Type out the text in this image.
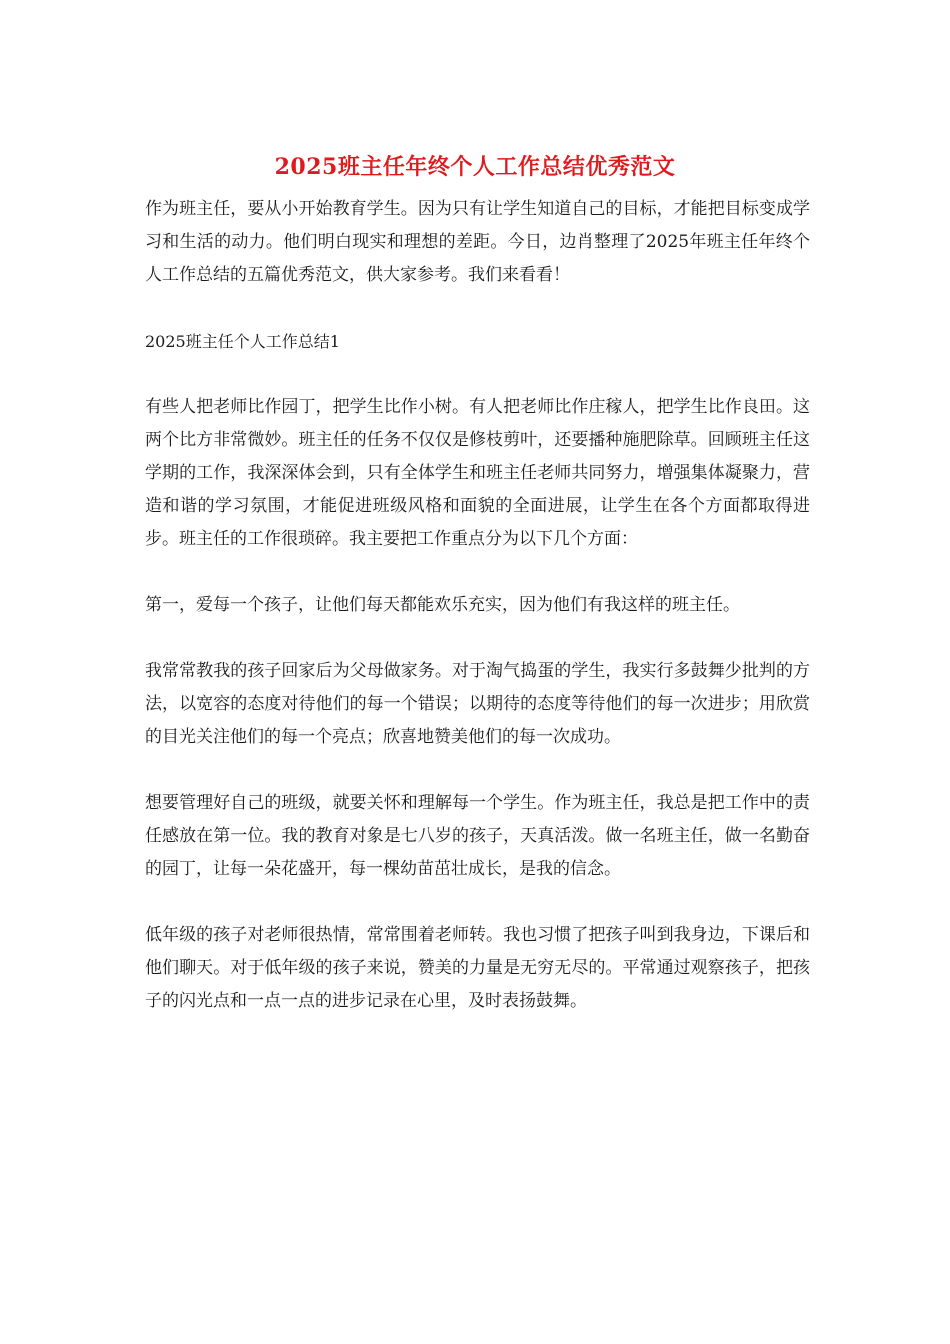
2025班主任年终个人工作总结优秀范文

作为班主任，要从小开始教育学生。因为只有让学生知道自己的目标，才能把目标变成学习和生活的动力。他们明白现实和理想的差距。今日，边肖整理了2025年班主任年终个人工作总结的五篇优秀范文，供大家参考。我们来看看！

2025班主任个人工作总结1

有些人把老师比作园丁，把学生比作小树。有人把老师比作庄稼人，把学生比作良田。这两个比方非常微妙。班主任的任务不仅仅是修枝剪叶，还要播种施肥除草。回顾班主任这学期的工作，我深深体会到，只有全体学生和班主任老师共同努力，增强集体凝聚力，营造和谐的学习氛围，才能促进班级风格和面貌的全面进展，让学生在各个方面都取得进步。班主任的工作很琐碎。我主要把工作重点分为以下几个方面：

第一，爱每一个孩子，让他们每天都能欢乐充实，因为他们有我这样的班主任。

我常常教我的孩子回家后为父母做家务。对于淘气捣蛋的学生，我实行多鼓舞少批判的方法，以宽容的态度对待他们的每一个错误；以期待的态度等待他们的每一次进步；用欣赏的目光关注他们的每一个亮点；欣喜地赞美他们的每一次成功。

想要管理好自己的班级，就要关怀和理解每一个学生。作为班主任，我总是把工作中的责任感放在第一位。我的教育对象是七八岁的孩子，天真活泼。做一名班主任，做一名勤奋的园丁，让每一朵花盛开，每一棵幼苗茁壮成长，是我的信念。

低年级的孩子对老师很热情，常常围着老师转。我也习惯了把孩子叫到我身边，下课后和他们聊天。对于低年级的孩子来说，赞美的力量是无穷无尽的。平常通过观察孩子，把孩子的闪光点和一点一点的进步记录在心里，及时表扬鼓舞。
